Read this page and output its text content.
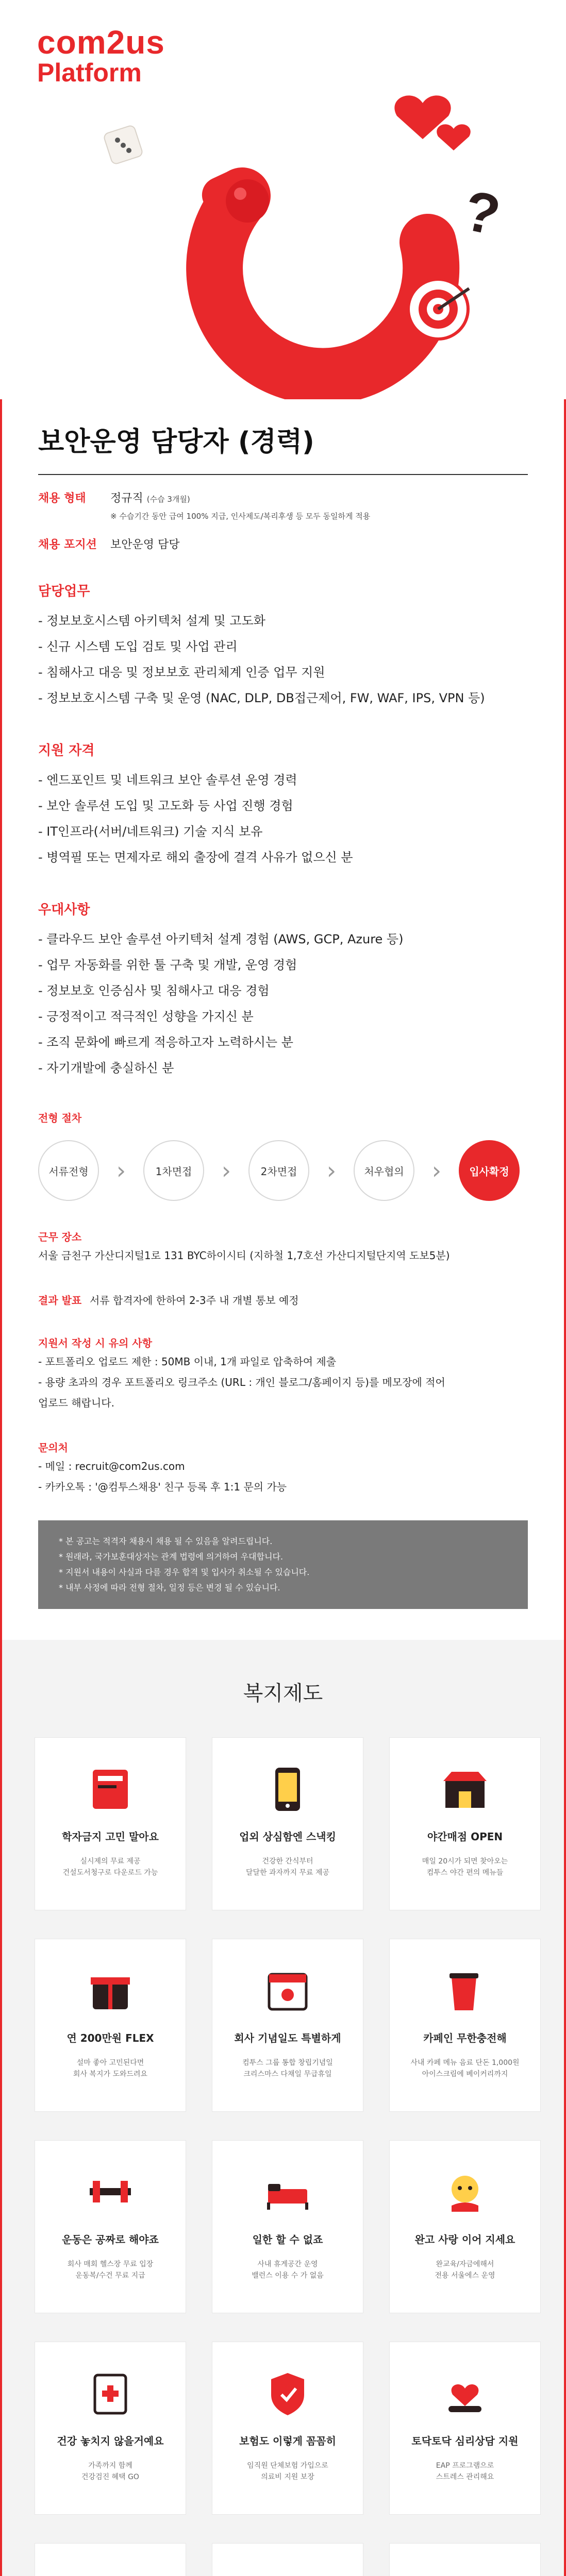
?
com2us
Platform
보안운영 담당자 (경력)
채용 형태	정규직 (수습 3개월)
※ 수습기간 동안 급여 100% 지급, 인사제도/복리후생 등 모두 동일하게 적용
채용 포지션	보안운영 담당
담당업무
- 정보보호시스템 아키텍처 설계 및 고도화
- 신규 시스템 도입 검토 및 사업 관리
- 침해사고 대응 및 정보보호 관리체계 인증 업무 지원
- 정보보호시스템 구축 및 운영 (NAC, DLP, DB접근제어, FW, WAF, IPS, VPN 등)
지원 자격
- 엔드포인트 및 네트워크 보안 솔루션 운영 경력
- 보안 솔루션 도입 및 고도화 등 사업 진행 경험
- IT인프라(서버/네트워크) 기술 지식 보유
- 병역필 또는 면제자로 해외 출장에 결격 사유가 없으신 분
우대사항
- 클라우드 보안 솔루션 아키텍처 설계 경험 (AWS, GCP, Azure 등)
- 업무 자동화를 위한 툴 구축 및 개발, 운영 경험
- 정보보호 인증심사 및 침해사고 대응 경험
- 긍정적이고 적극적인 성향을 가지신 분
- 조직 문화에 빠르게 적응하고자 노력하시는 분
- 자기개발에 충실하신 분
전형 절차
서류전형	›	1차면접	›	2차면접	›	처우협의	›	입사확정
근무 장소
서울 금천구 가산디지털1로 131 BYC하이시티 (지하철 1,7호선 가산디지털단지역 도보5분)
결과 발표 서류 합격자에 한하여 2-3주 내 개별 통보 예정
지원서 작성 시 유의 사항
- 포트폴리오 업로드 제한 : 50MB 이내, 1개 파일로 압축하여 제출
- 용량 초과의 경우 포트폴리오 링크주소 (URL : 개인 블로그/홈페이지 등)를 메모장에 적어
업로드 해랍니다.
문의처
- 메일 : recruit@com2us.com
- 카카오톡 : '@컴투스채용' 친구 등록 후 1:1 문의 가능
* 본 공고는 적격자 채용시 채용 될 수 있음을 알려드립니다.
* 원래라, 국가보훈대상자는 관계 법령에 의거하여 우대합니다.
* 지원서 내용이 사실과 다를 경우 합격 및 입사가 취소될 수 있습니다.
* 내부 사정에 따라 전형 절차, 일정 등은 변경 될 수 있습니다.
복지제도
학자금지 고민 말아요
실시제의 무료 제공
건설도서청구로 다운로드 가능
업외 상심함엔 스낵킹
건강한 간식부터
달달한 과자까지 무료 제공
야간매점 OPEN
매일 20시가 되면 찾아오는
컴투스 야간 편의 메뉴들
연 200만원 FLEX
설마 좋아 고민된다면
회사 복지가 도와드려요
회사 기념일도 특별하게
컴투스 그룹 통합 창립기념일
크리스마스 다채일 무급휴일
카페인 무한충전해
사내 카페 메뉴 음료 단돈 1,000원
아이스크림에 베이커리까지
운동은 공짜로 해야죠
회사 매회 헬스장 무료 입장
운동복/수건 무료 지급
일한 할 수 없죠
사내 휴게공간 운영
밸런스 이용 수 가 없음
완고 사랑 이어 지세요
완교육/자금에해서
전용 서울에스 운영
건강 놓치지 않을거예요
가족까지 함께
건강검진 혜택 GO
보험도 이렇게 꼼꼼히
임직원 단체보험 가입으로
의료비 지원 보장
토닥토닥 심리상담 지원
EAP 프로그램으로
스트레스 관리해요
